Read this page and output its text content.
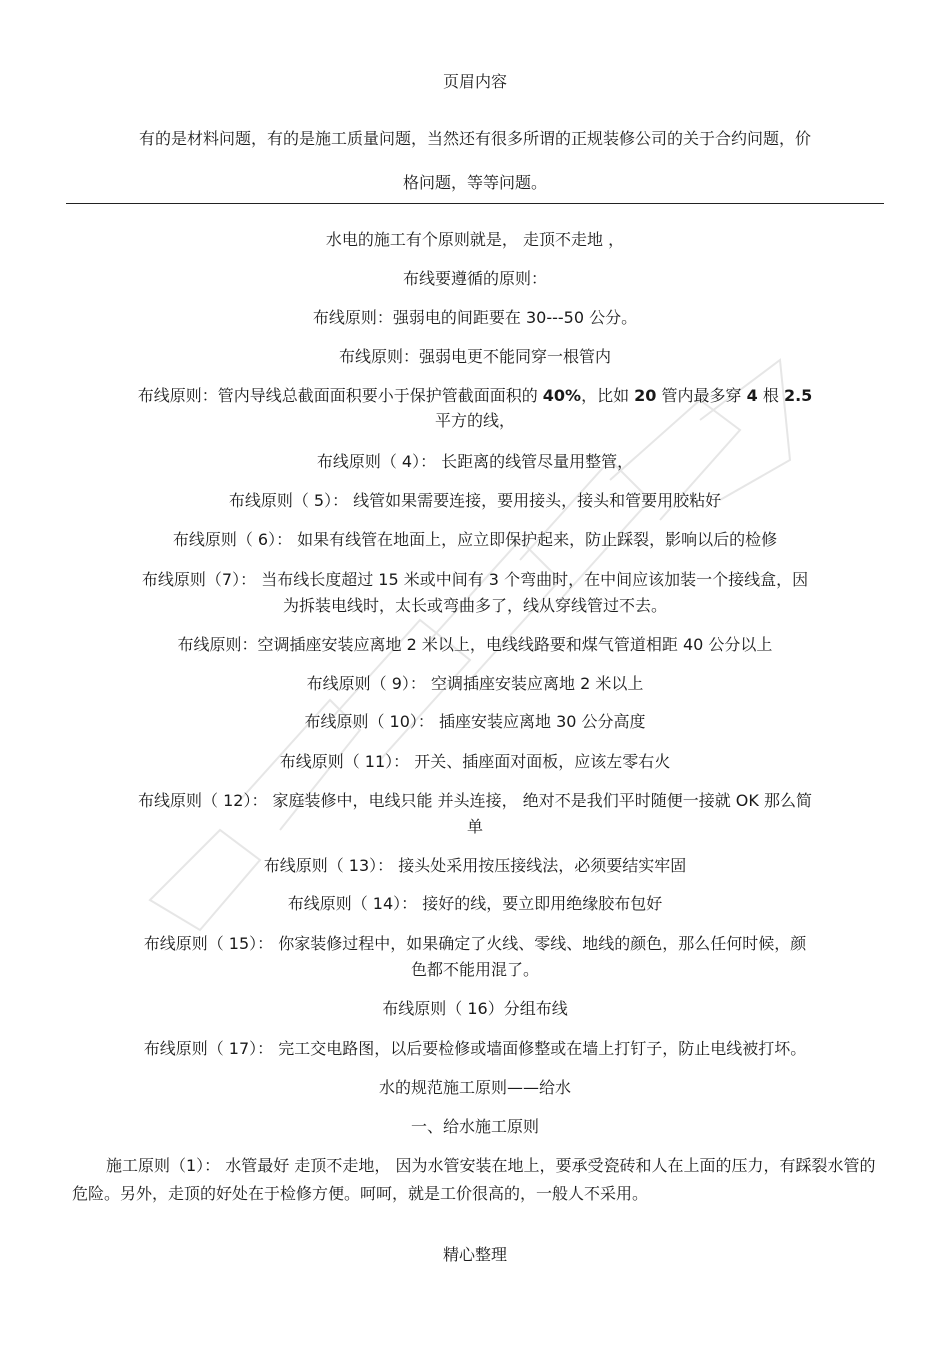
页眉内容
有的是材料问题，有的是施工质量问题，当然还有很多所谓的正规装修公司的关于合约问题，价
格问题，等等问题。
水电的施工有个原则就是， 走顶不走地 ，
布线要遵循的原则：
布线原则：强弱电的间距要在 30---50 公分。
布线原则：强弱电更不能同穿一根管内
布线原则：管内导线总截面面积要小于保护管截面面积的 40%，比如 20 管内最多穿 4 根 2.5
平方的线，
布线原则（ 4）： 长距离的线管尽量用整管，
布线原则（ 5）： 线管如果需要连接，要用接头，接头和管要用胶粘好
布线原则（ 6）： 如果有线管在地面上，应立即保护起来，防止踩裂，影响以后的检修
布线原则（7）： 当布线长度超过 15 米或中间有 3 个弯曲时，在中间应该加装一个接线盒，因
为拆装电线时，太长或弯曲多了，线从穿线管过不去。
布线原则：空调插座安装应离地 2 米以上，电线线路要和煤气管道相距 40 公分以上
布线原则（ 9）： 空调插座安装应离地 2 米以上
布线原则（ 10）： 插座安装应离地 30 公分高度
布线原则（ 11）： 开关、插座面对面板，应该左零右火
布线原则（ 12）： 家庭装修中，电线只能 并头连接， 绝对不是我们平时随便一接就 OK 那么简
单
布线原则（ 13）： 接头处采用按压接线法，必须要结实牢固
布线原则（ 14）： 接好的线，要立即用绝缘胶布包好
布线原则（ 15）： 你家装修过程中，如果确定了火线、零线、地线的颜色，那么任何时候，颜
色都不能用混了。
布线原则（ 16）分组布线
布线原则（ 17）： 完工交电路图，以后要检修或墙面修整或在墙上打钉子，防止电线被打坏。
水的规范施工原则——给水
一、给水施工原则
施工原则（1）： 水管最好 走顶不走地， 因为水管安装在地上，要承受瓷砖和人在上面的压力，有踩裂水管的危险。另外，走顶的好处在于检修方便。呵呵，就是工价很高的，一般人不采用。
精心整理
